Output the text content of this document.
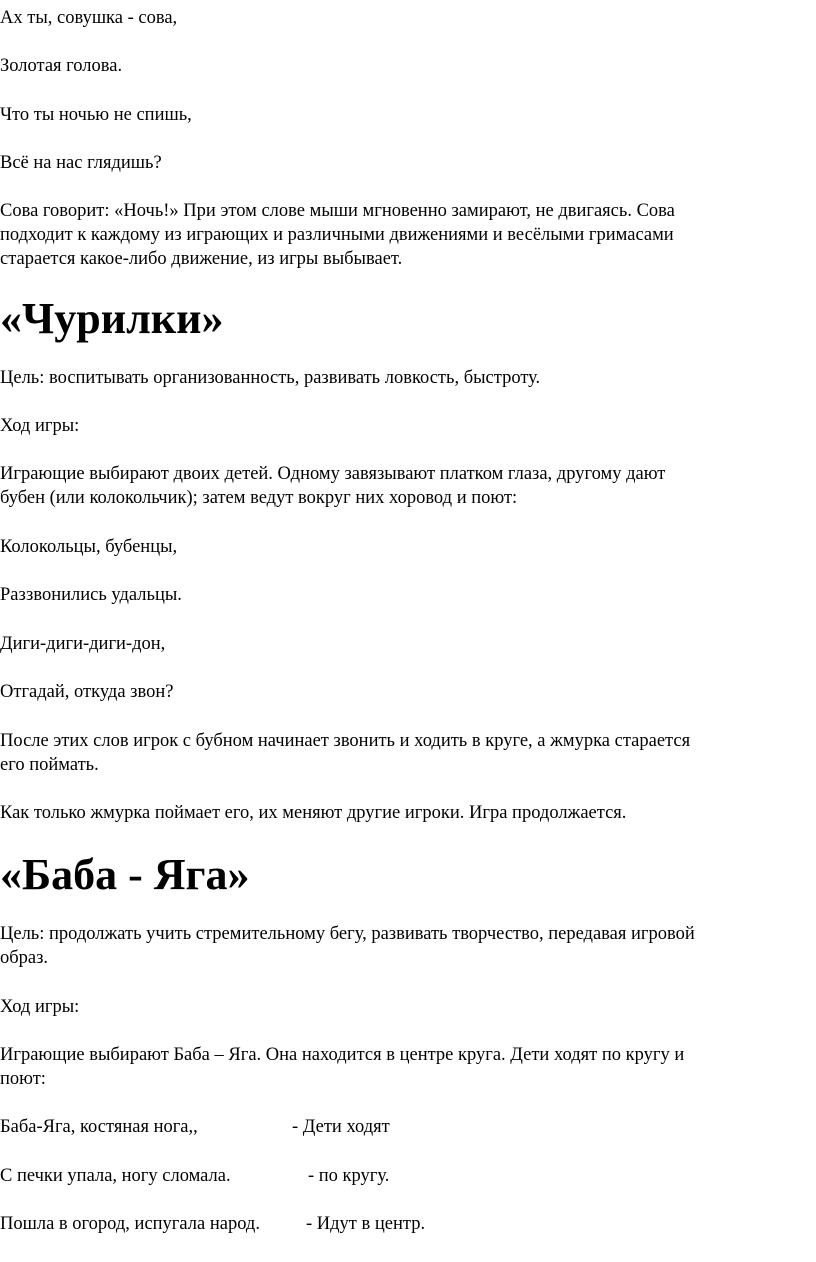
Ах ты, совушка - сова,

Золотая голова.

Что ты ночью не спишь,

Всё на нас глядишь?

Сова говорит: «Ночь!» При этом слове мыши мгновенно замирают, не двигаясь. Сова

подходит к каждому из играющих и различными движениями и весёлыми гримасами

старается какое-либо движение, из игры выбывает.

«Чурилки»

Цель: воспитывать организованность, развивать ловкость, быстроту.

Ход игры:

Играющие выбирают двоих детей. Одному завязывают платком глаза, другому дают

бубен (или колокольчик); затем ведут вокруг них хоровод и поют:

Колокольцы, бубенцы,

Раззвонились удальцы.

Диги-диги-диги-дон,

Отгадай, откуда звон?

После этих слов игрок с бубном начинает звонить и ходить в круге, а жмурка старается

его поймать.

Как только жмурка поймает его, их меняют другие игроки. Игра продолжается.

«Баба - Яга»

Цель: продолжать учить стремительному бегу, развивать творчество, передавая игровой

образ.

Ход игры:

Играющие выбирают Баба – Яга. Она находится в центре круга. Дети ходят по кругу и

поют:

Баба-Яга, костяная нога,,	- Дети ходят
С печки упала, ногу сломала.	- по кругу.
Пошла в огород, испугала народ. - Идут в центр.
